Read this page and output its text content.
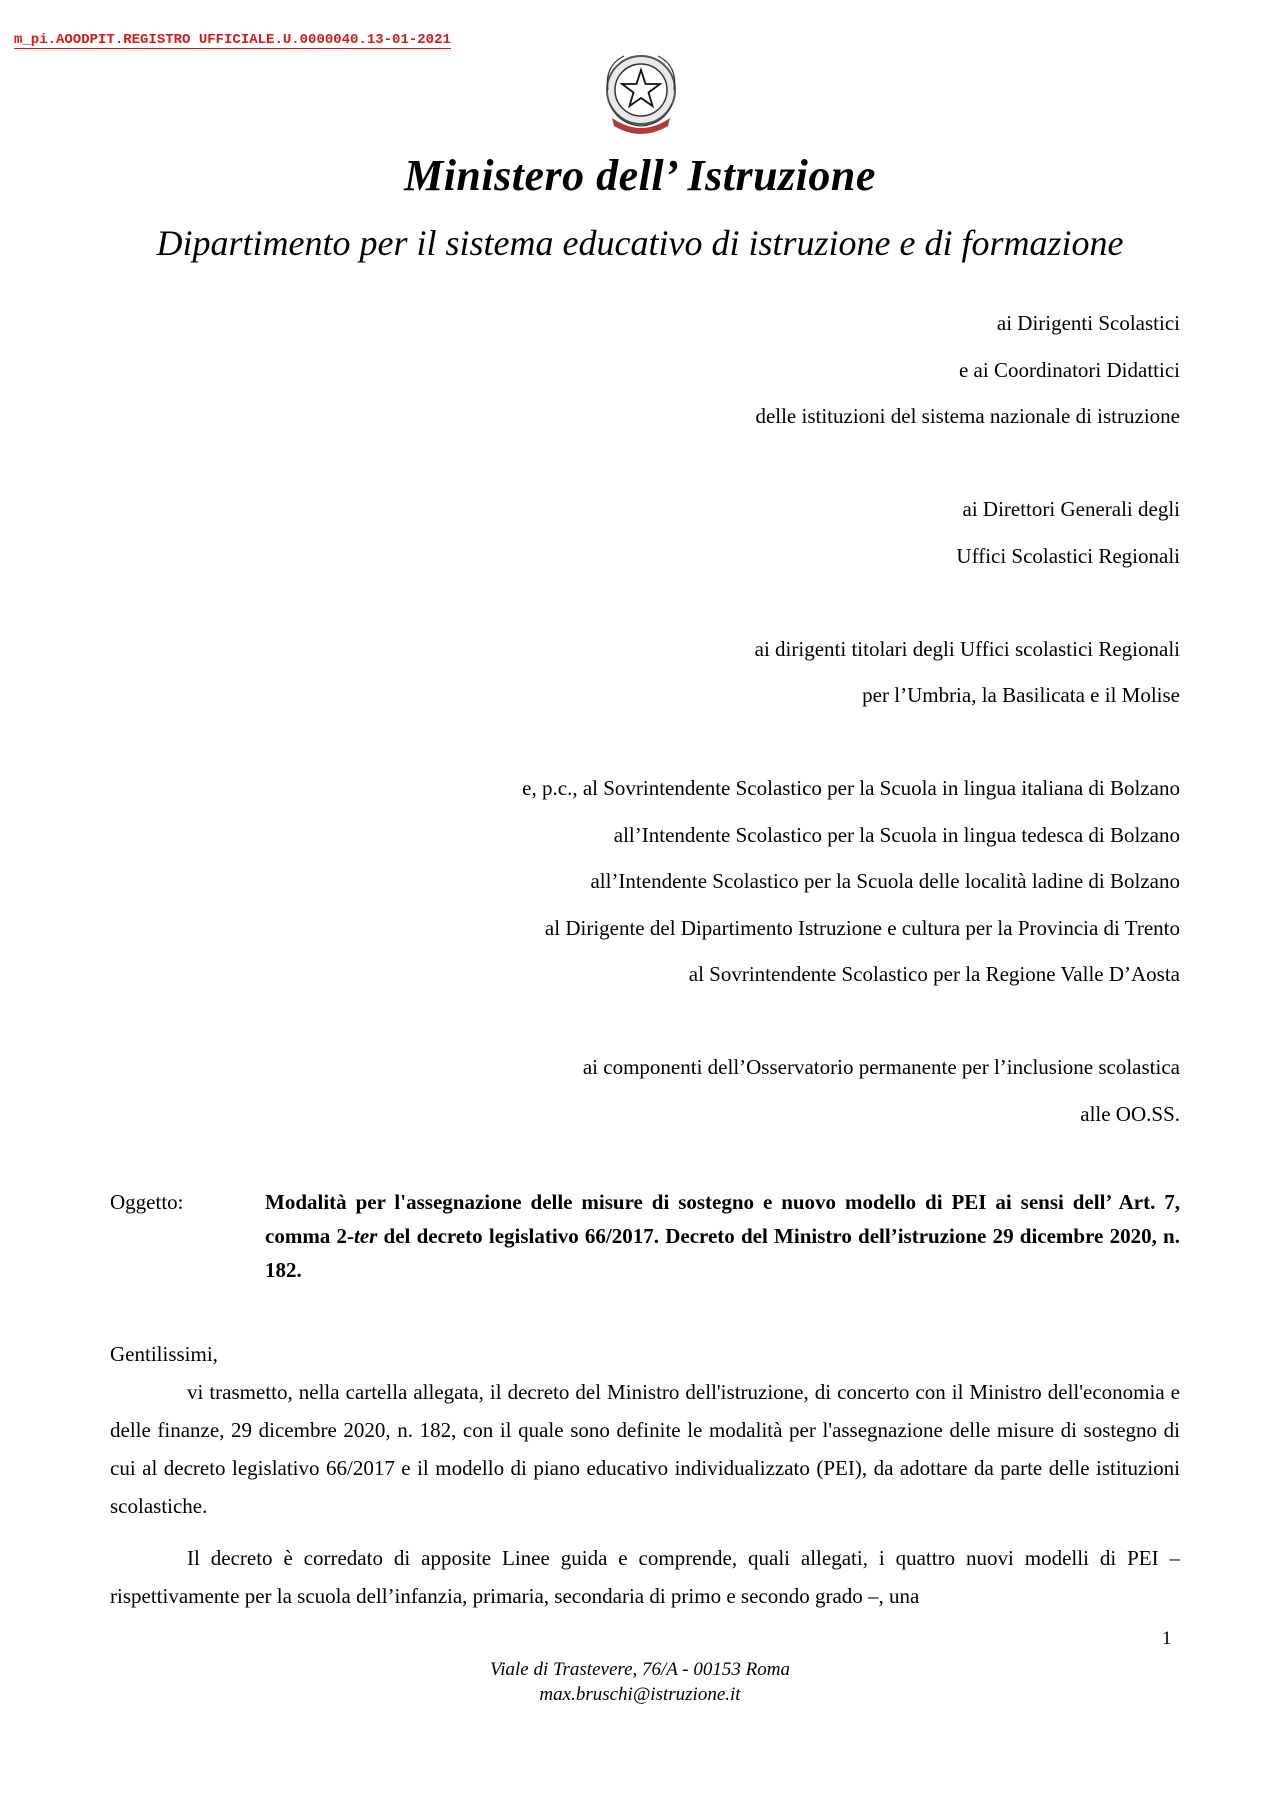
m_pi.AOODPIT.REGISTRO UFFICIALE.U.0000040.13-01-2021
Ministero dell’ Istruzione
Dipartimento per il sistema educativo di istruzione e di formazione
ai Dirigenti Scolastici
e ai Coordinatori Didattici
delle istituzioni del sistema nazionale di istruzione
ai Direttori Generali degli
Uffici Scolastici Regionali
ai dirigenti titolari degli Uffici scolastici Regionali
per l’Umbria, la Basilicata e il Molise
e, p.c., al Sovrintendente Scolastico per la Scuola in lingua italiana di Bolzano
all’Intendente Scolastico per la Scuola in lingua tedesca di Bolzano
all’Intendente Scolastico per la Scuola delle località ladine di Bolzano
al Dirigente del Dipartimento Istruzione e cultura per la Provincia di Trento
al Sovrintendente Scolastico per la Regione Valle D’Aosta
ai componenti dell’Osservatorio permanente per l’inclusione scolastica
alle OO.SS.
Oggetto:	Modalità per l'assegnazione delle misure di sostegno e nuovo modello di PEI ai sensi dell’ Art. 7, comma 2-ter del decreto legislativo 66/2017. Decreto del Ministro dell’istruzione 29 dicembre 2020, n. 182.

Gentilissimi,

vi trasmetto, nella cartella allegata, il decreto del Ministro dell'istruzione, di concerto con il Ministro dell'economia e delle finanze, 29 dicembre 2020, n. 182, con il quale sono definite le modalità per l'assegnazione delle misure di sostegno di cui al decreto legislativo 66/2017 e il modello di piano educativo individualizzato (PEI), da adottare da parte delle istituzioni scolastiche.

Il decreto è corredato di apposite Linee guida e comprende, quali allegati, i quattro nuovi modelli di PEI – rispettivamente per la scuola dell’infanzia, primaria, secondaria di primo e secondo grado –, una

1
Viale di Trastevere, 76/A - 00153 Roma
max.bruschi@istruzione.it
